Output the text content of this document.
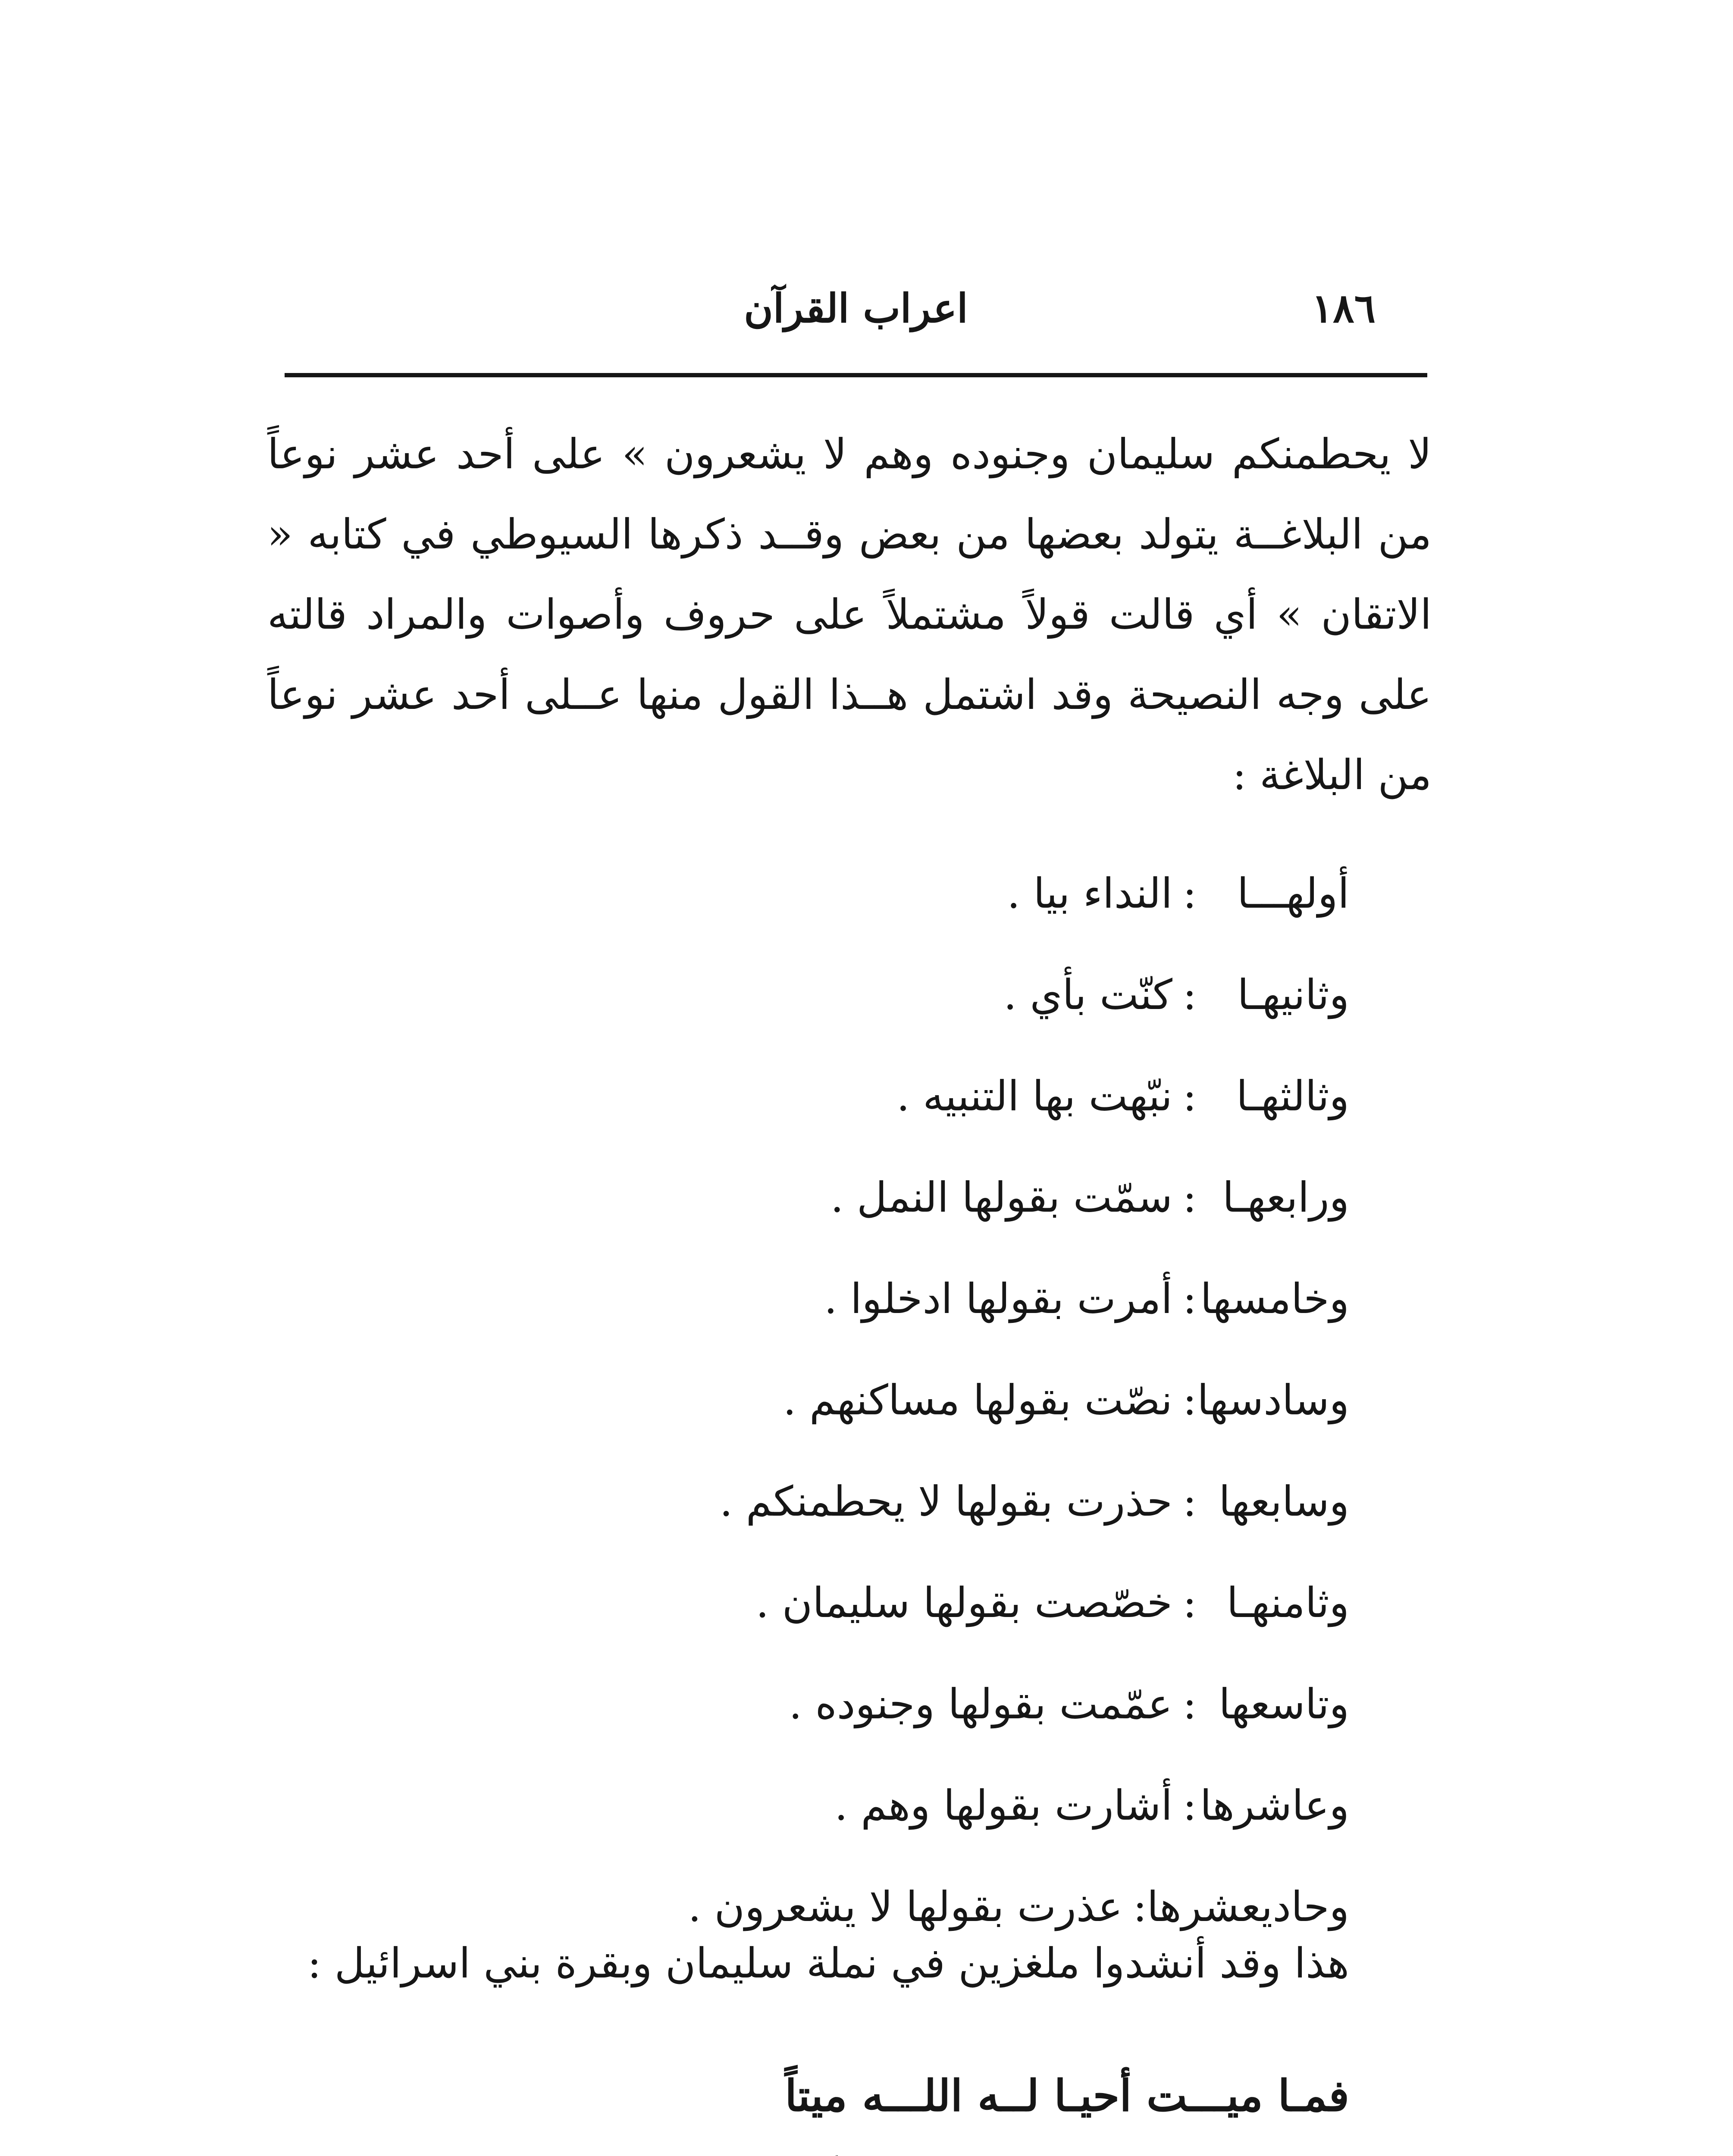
١٨٦
اعراب القرآن

لا يحطمنكم سليمان وجنوده وهم لا يشعرون » على أحد عشر نوعاً من البلاغــة يتولد بعضها من بعض وقــد ذكرها السيوطي في كتابه « الاتقان » أي قالت قولاً مشتملاً على حروف وأصوات والمراد قالته على وجه النصيحة وقد اشتمل هــذا القول منها عــلى أحد عشر نوعاً من البلاغة :

أولهـــا
:
النداء بيا .
وثانيهـا
:
كنّت بأي .
وثالثهـا
:
نبّهت بها التنبيه .
ورابعهـا
:
سمّت بقولها النمل .
وخامسها
:
أمرت بقولها ادخلوا .
وسادسها
:
نصّت بقولها مساكنهم .
وسابعها
:
حذرت بقولها لا يحطمنكم .
وثامنهـا
:
خصّصت بقولها سليمان .
وتاسعها
:
عمّمت بقولها وجنوده .
وعاشرها
:
أشارت بقولها وهم .
وحاديعشرها:
عذرت بقولها لا يشعرون .

هذا وقد أنشدوا ملغزين في نملة سليمان وبقرة بني اسرائيل :

فمـا ميـــت أحيـا لــه اللـــه ميتاً
